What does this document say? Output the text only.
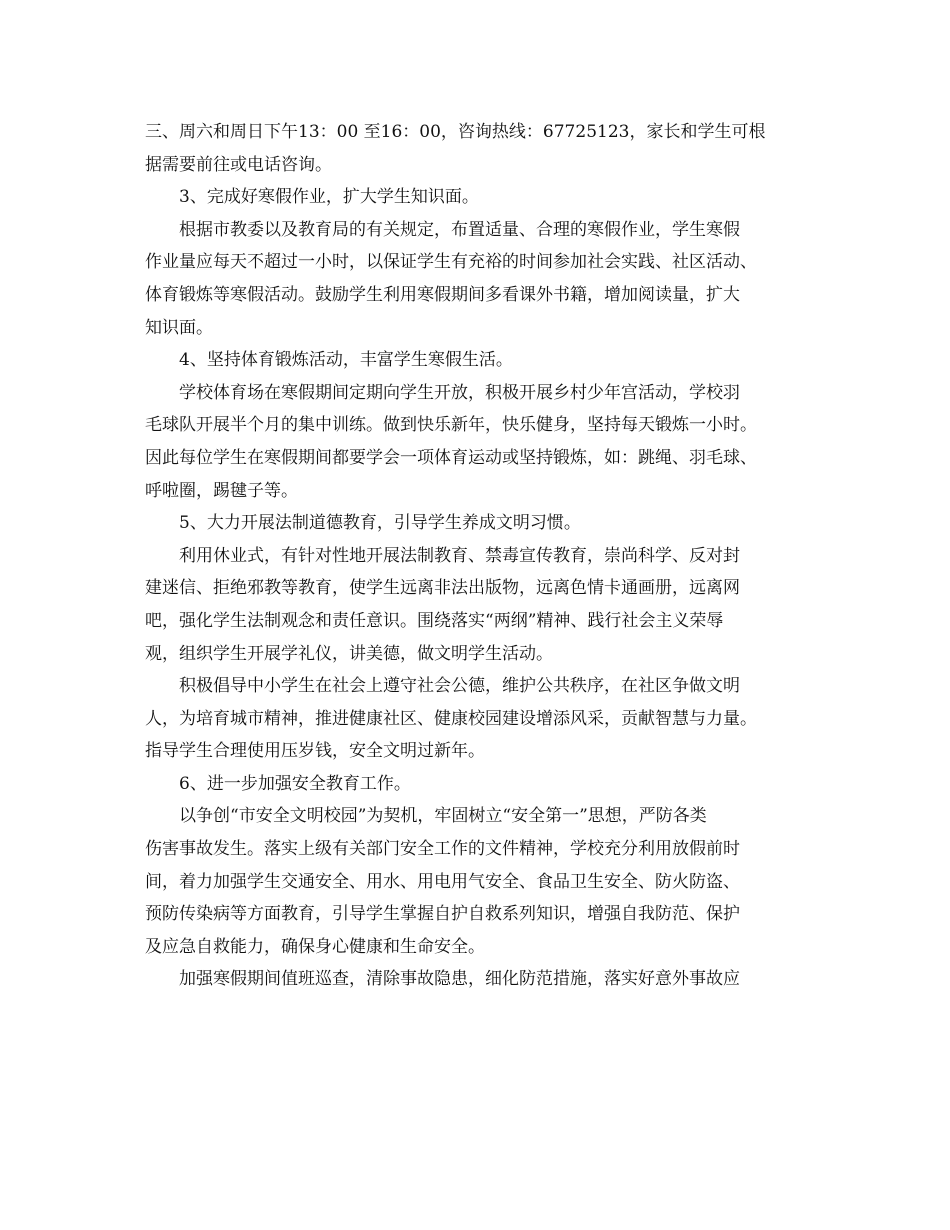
三、周六和周日下午13：00 至16：00，咨询热线：67725123，家长和学生可根
据需要前往或电话咨询。
3、完成好寒假作业，扩大学生知识面。
根据市教委以及教育局的有关规定，布置适量、合理的寒假作业，学生寒假
作业量应每天不超过一小时，以保证学生有充裕的时间参加社会实践、社区活动、
体育锻炼等寒假活动。鼓励学生利用寒假期间多看课外书籍，增加阅读量，扩大
知识面。
4、坚持体育锻炼活动，丰富学生寒假生活。
学校体育场在寒假期间定期向学生开放，积极开展乡村少年宫活动，学校羽
毛球队开展半个月的集中训练。做到快乐新年，快乐健身，坚持每天锻炼一小时。
因此每位学生在寒假期间都要学会一项体育运动或坚持锻炼，如：跳绳、羽毛球、
呼啦圈，踢毽子等。
5、大力开展法制道德教育，引导学生养成文明习惯。
利用休业式，有针对性地开展法制教育、禁毒宣传教育，崇尚科学、反对封
建迷信、拒绝邪教等教育，使学生远离非法出版物，远离色情卡通画册，远离网
吧，强化学生法制观念和责任意识。围绕落实“两纲”精神、践行社会主义荣辱
观，组织学生开展学礼仪，讲美德，做文明学生活动。
积极倡导中小学生在社会上遵守社会公德，维护公共秩序，在社区争做文明
人，为培育城市精神，推进健康社区、健康校园建设增添风采，贡献智慧与力量。
指导学生合理使用压岁钱，安全文明过新年。
6、进一步加强安全教育工作。
以争创“市安全文明校园”为契机，牢固树立“安全第一”思想，严防各类
伤害事故发生。落实上级有关部门安全工作的文件精神，学校充分利用放假前时
间，着力加强学生交通安全、用水、用电用气安全、食品卫生安全、防火防盗、
预防传染病等方面教育，引导学生掌握自护自救系列知识，增强自我防范、保护
及应急自救能力，确保身心健康和生命安全。
加强寒假期间值班巡查，清除事故隐患，细化防范措施，落实好意外事故应
